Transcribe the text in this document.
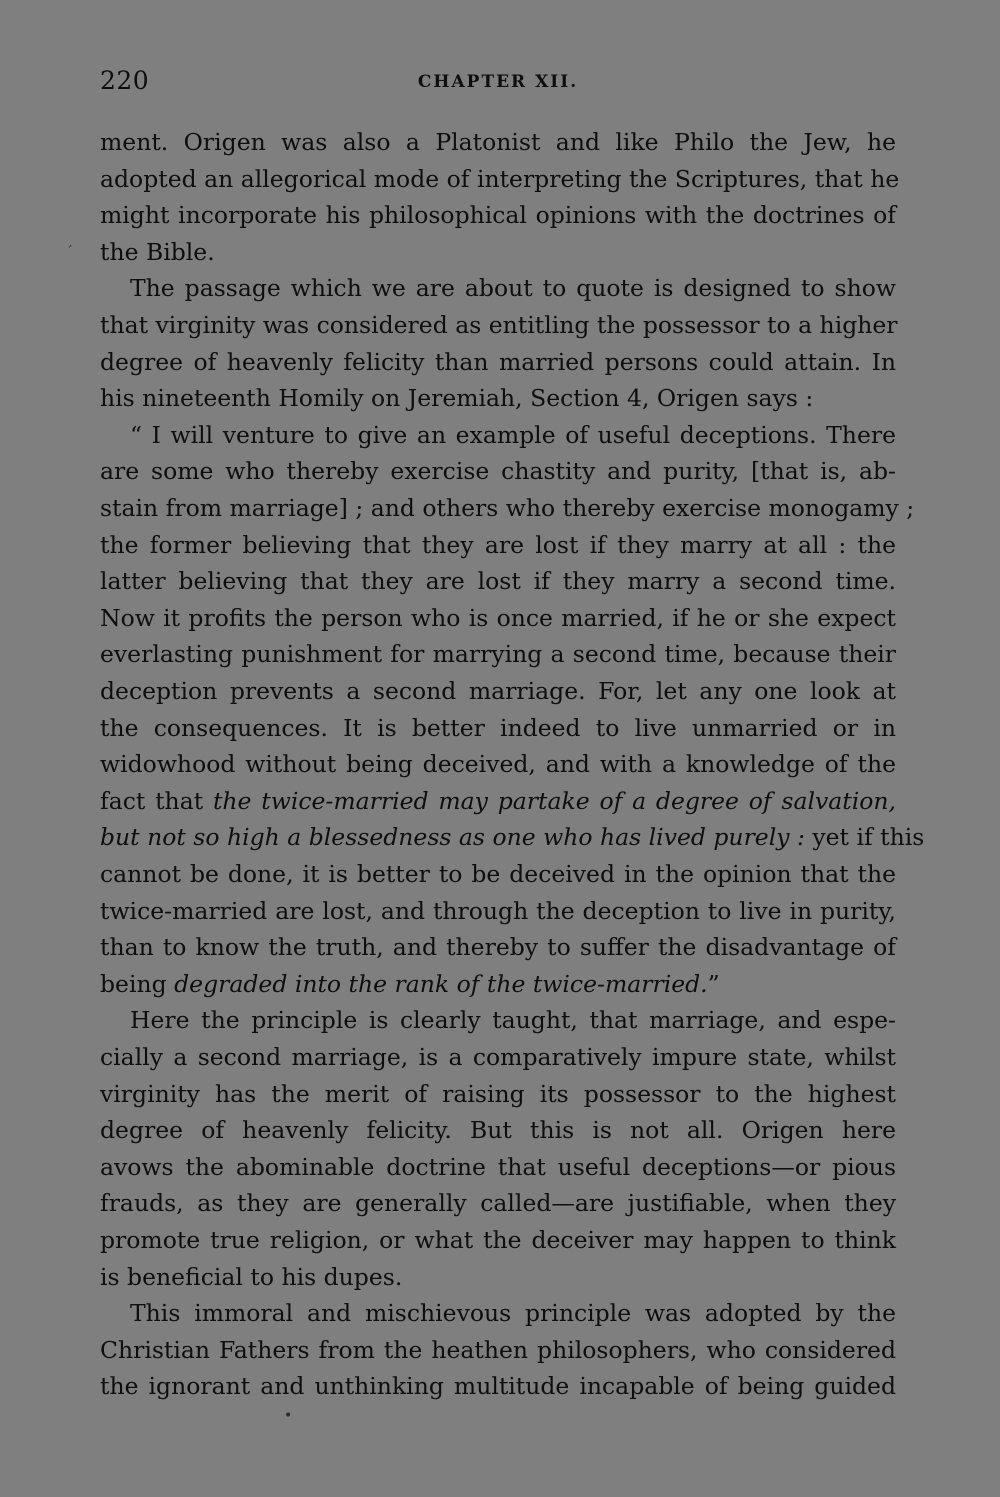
220	CHAPTER XII.
ment. Origen was also a Platonist and like Philo the Jew, he
adopted an allegorical mode of interpreting the Scriptures, that he
might incorporate his philosophical opinions with the doctrines of
the Bible.
The passage which we are about to quote is designed to show
that virginity was considered as entitling the possessor to a higher
degree of heavenly felicity than married persons could attain. In
his nineteenth Homily on Jeremiah, Section 4, Origen says :
“ I will venture to give an example of useful deceptions. There
are some who thereby exercise chastity and purity, [that is, ab-
stain from marriage] ; and others who thereby exercise monogamy ;
the former believing that they are lost if they marry at all : the
latter believing that they are lost if they marry a second time.
Now it profits the person who is once married, if he or she expect
everlasting punishment for marrying a second time, because their
deception prevents a second marriage. For, let any one look at
the consequences. It is better indeed to live unmarried or in
widowhood without being deceived, and with a knowledge of the
fact that the twice-married may partake of a degree of salvation,
but not so high a blessedness as one who has lived purely : yet if this
cannot be done, it is better to be deceived in the opinion that the
twice-married are lost, and through the deception to live in purity,
than to know the truth, and thereby to suffer the disadvantage of
being degraded into the rank of the twice-married.”
Here the principle is clearly taught, that marriage, and espe-
cially a second marriage, is a comparatively impure state, whilst
virginity has the merit of raising its possessor to the highest
degree of heavenly felicity. But this is not all. Origen here
avows the abominable doctrine that useful deceptions—or pious
frauds, as they are generally called—are justifiable, when they
promote true religion, or what the deceiver may happen to think
is beneficial to his dupes.
This immoral and mischievous principle was adopted by the
Christian Fathers from the heathen philosophers, who considered
the ignorant and unthinking multitude incapable of being guided
´
•
